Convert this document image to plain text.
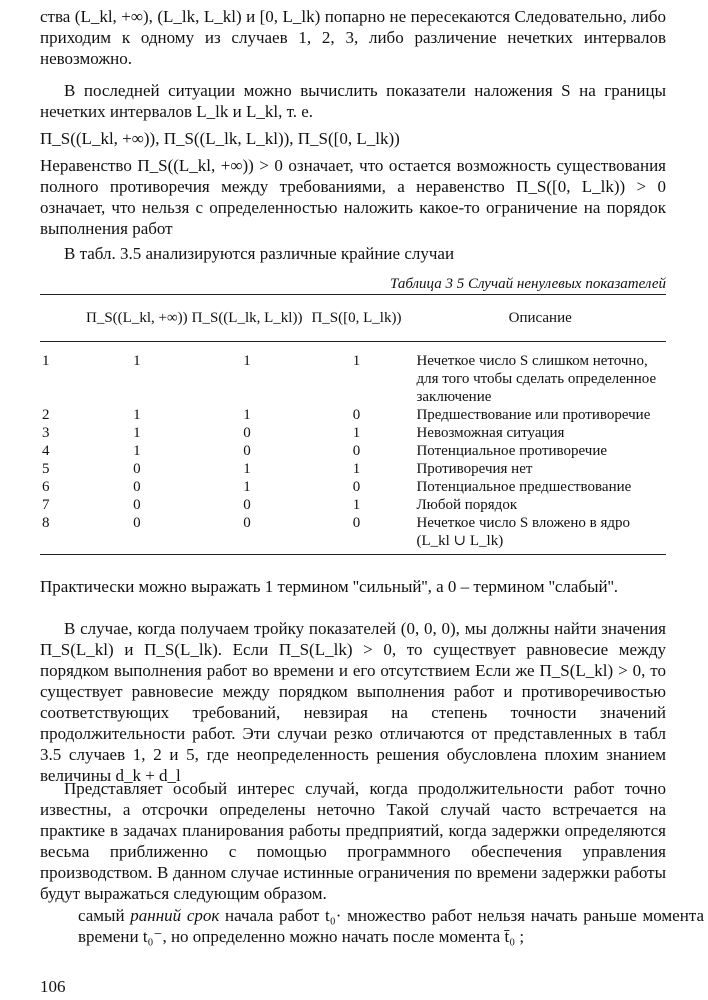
ства (L_kl, +∞), (L_lk, L_kl) и [0, L_lk) попарно не пересекаются Следовательно, либо приходим к одному из случаев 1, 2, 3, либо различение нечетких интервалов невозможно.

В последней ситуации можно вычислить показатели наложения S на границы нечетких интервалов L_lk и L_kl, т. е.

Π_S((L_kl, +∞)), Π_S((L_lk, L_kl)), Π_S([0, L_lk))

Неравенство Π_S((L_kl, +∞)) > 0 означает, что остается возможность существования полного противоречия между требованиями, а неравенство Π_S([0, L_lk)) > 0 означает, что нельзя с определенностью наложить какое-то ограничение на порядок выполнения работ

В табл. 3.5 анализируются различные крайние случаи

Таблица 3 5 Случай ненулевых показателей
	Π_S((L_kl, +∞))	Π_S((L_lk, L_kl))	Π_S([0, L_lk))	Описание
1	1	1	1	Нечеткое число S слишком неточно, для того чтобы сделать определенное заключение
2	1	1	0	Предшествование или противоречие
3	1	0	1	Невозможная ситуация
4	1	0	0	Потенциальное противоречие
5	0	1	1	Противоречия нет
6	0	1	0	Потенциальное предшествование
7	0	0	1	Любой порядок
8	0	0	0	Нечеткое число S вложено в ядро (L_kl ∪ L_lk)

Практически можно выражать 1 термином ''сильный'', а 0 – термином ''слабый''.

В случае, когда получаем тройку показателей (0, 0, 0), мы должны найти значения Π_S(L_kl) и Π_S(L_lk). Если Π_S(L_lk) > 0, то существует равновесие между порядком выполнения работ во времени и его отсутствием Если же Π_S(L_kl) > 0, то существует равновесие между порядком выполнения работ и противоречивостью соответствующих требований, невзирая на степень точности значений продолжительности работ. Эти случаи резко отличаются от представленных в табл 3.5 случаев 1, 2 и 5, где неопределенность решения обусловлена плохим знанием величины d_k + d_l

Представляет особый интерес случай, когда продолжительности работ точно известны, а отсрочки определены неточно Такой случай часто встречается на практике в задачах планирования работы предприятий, когда задержки определяются весьма приближенно с помощью программного обеспечения управления производством. В данном случае истинные ограничения по времени задержки работы будут выражаться следующим образом.

самый ранний срок начала работ t₀· множество работ нельзя начать раньше момента времени t₀⁻, но определенно можно начать после момента t̄₀ ;

106
